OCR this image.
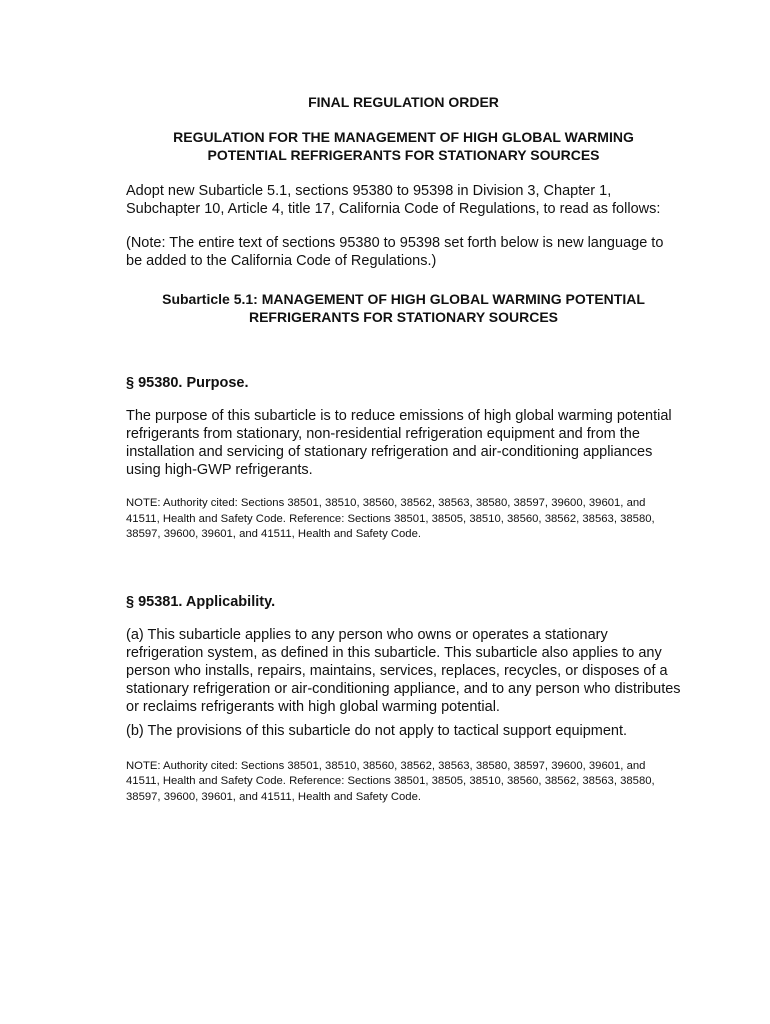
FINAL REGULATION ORDER

REGULATION FOR THE MANAGEMENT OF HIGH GLOBAL WARMING
POTENTIAL REFRIGERANTS FOR STATIONARY SOURCES

Adopt new Subarticle 5.1, sections 95380 to 95398 in Division 3, Chapter 1, Subchapter 10, Article 4, title 17, California Code of Regulations, to read as follows:

(Note: The entire text of sections 95380 to 95398 set forth below is new language to be added to the California Code of Regulations.)

Subarticle 5.1: MANAGEMENT OF HIGH GLOBAL WARMING POTENTIAL
REFRIGERANTS FOR STATIONARY SOURCES

§ 95380. Purpose.

The purpose of this subarticle is to reduce emissions of high global warming potential refrigerants from stationary, non-residential refrigeration equipment and from the installation and servicing of stationary refrigeration and air-conditioning appliances using high-GWP refrigerants.

NOTE: Authority cited: Sections 38501, 38510, 38560, 38562, 38563, 38580, 38597, 39600, 39601, and 41511, Health and Safety Code. Reference: Sections 38501, 38505, 38510, 38560, 38562, 38563, 38580, 38597, 39600, 39601, and 41511, Health and Safety Code.

§ 95381. Applicability.

(a) This subarticle applies to any person who owns or operates a stationary refrigeration system, as defined in this subarticle. This subarticle also applies to any person who installs, repairs, maintains, services, replaces, recycles, or disposes of a stationary refrigeration or air-conditioning appliance, and to any person who distributes or reclaims refrigerants with high global warming potential.

(b) The provisions of this subarticle do not apply to tactical support equipment.

NOTE: Authority cited: Sections 38501, 38510, 38560, 38562, 38563, 38580, 38597, 39600, 39601, and 41511, Health and Safety Code. Reference: Sections 38501, 38505, 38510, 38560, 38562, 38563, 38580, 38597, 39600, 39601, and 41511, Health and Safety Code.
